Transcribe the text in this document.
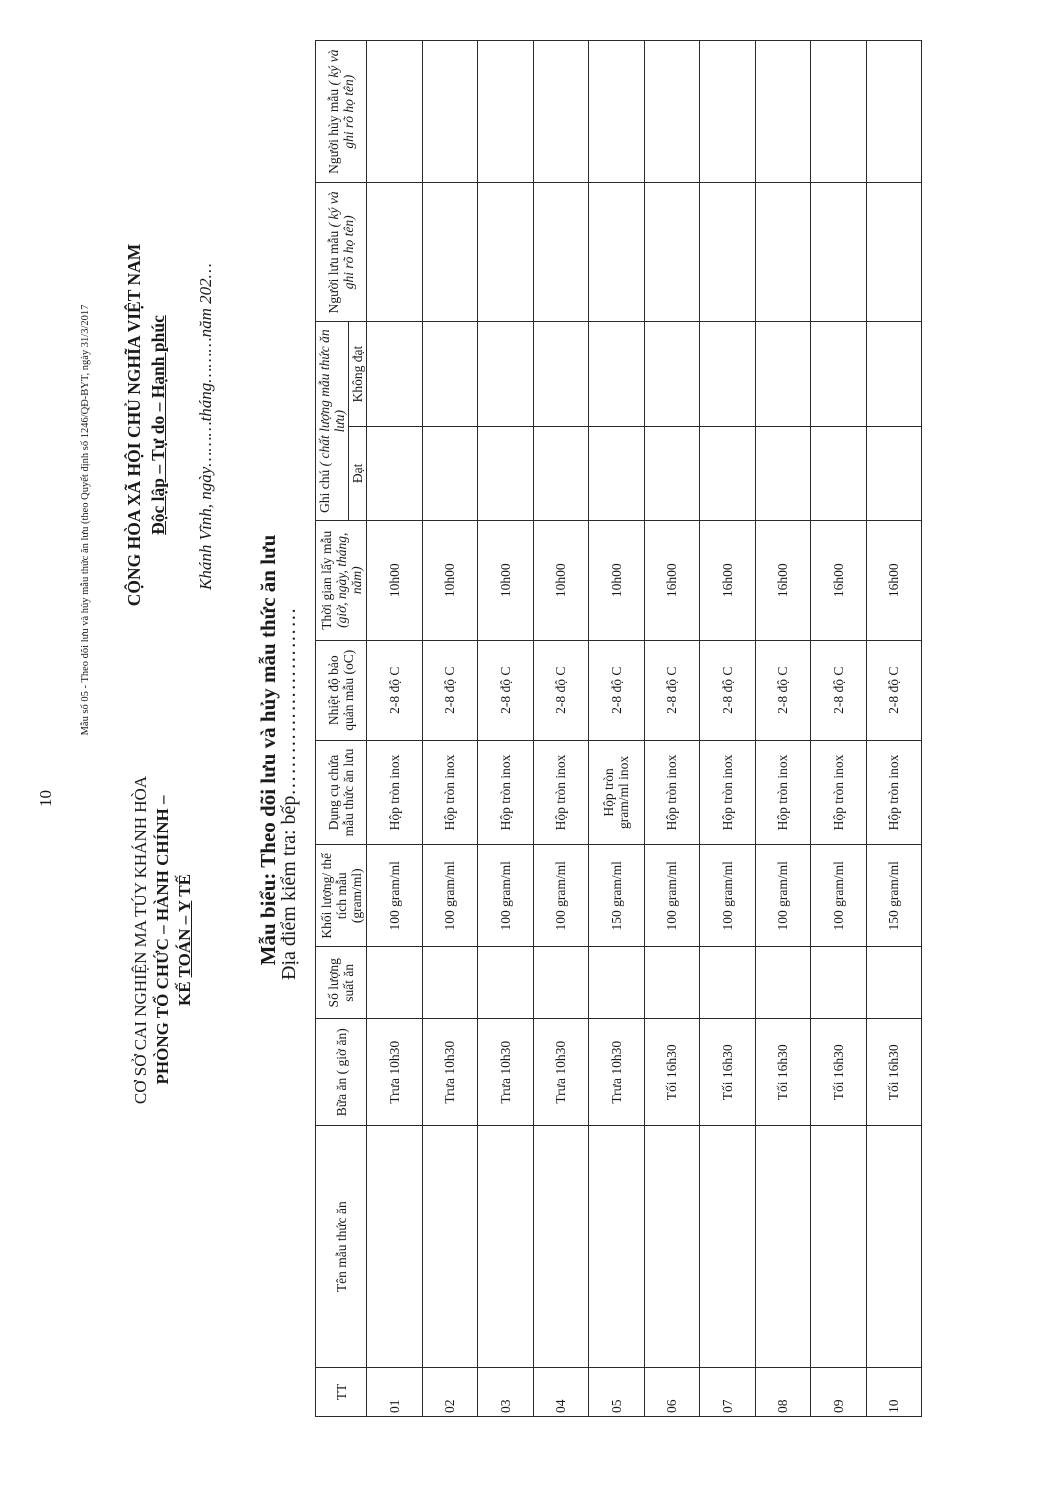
10
Mẫu số 05 - Theo dõi lưu và hủy mẫu thức ăn lưu (theo Quyết định số 1246/QĐ-BYT, ngày 31/3/2017
CƠ SỞ CAI NGHIỆN MA TÚY KHÁNH HÒA PHÒNG TỔ CHỨC – HÀNH CHÍNH – KẾ TOÁN – Y TẾ
CỘNG HÒA XÃ HỘI CHỦ NGHĨA VIỆT NAM Độc lập – Tự do – Hạnh phúc Khánh Vĩnh, ngày………tháng………năm 202…
Mẫu biểu: Theo dõi lưu và hủy mẫu thức ăn lưu
Địa điểm kiểm tra: bếp………………………
TT	Tên mẫu thức ăn	Bữa ăn ( giờ ăn)	Số lượng suất ăn	Khối lượng/ thể tích mẫu (gram/ml)	Dụng cụ chứa mẫu thức ăn lưu	Nhiệt độ bảo quản mẫu (oC)	Thời gian lấy mẫu (giờ, ngày, tháng, năm)	Ghi chú ( chất lượng mẫu thức ăn lưu)		Người lưu mẫu ( ký và ghi rõ họ tên)	Người hủy mẫu ( ký và ghi rõ họ tên)
								Đạt	Không đạt		
01		Trưa 10h30		100 gram/ml	Hộp tròn inox	2-8 độ C	10h00				
02		Trưa 10h30		100 gram/ml	Hộp tròn inox	2-8 độ C	10h00				
03		Trưa 10h30		100 gram/ml	Hộp tròn inox	2-8 độ C	10h00				
04		Trưa 10h30		100 gram/ml	Hộp tròn inox	2-8 độ C	10h00				
05		Trưa 10h30		150 gram/ml	Hộp tròn gram/ml inox	2-8 độ C	10h00				
06		Tối 16h30		100 gram/ml	Hộp tròn inox	2-8 độ C	16h00				
07		Tối 16h30		100 gram/ml	Hộp tròn inox	2-8 độ C	16h00				
08		Tối 16h30		100 gram/ml	Hộp tròn inox	2-8 độ C	16h00				
09		Tối 16h30		100 gram/ml	Hộp tròn inox	2-8 độ C	16h00				
10		Tối 16h30		150 gram/ml	Hộp tròn inox	2-8 độ C	16h00				
